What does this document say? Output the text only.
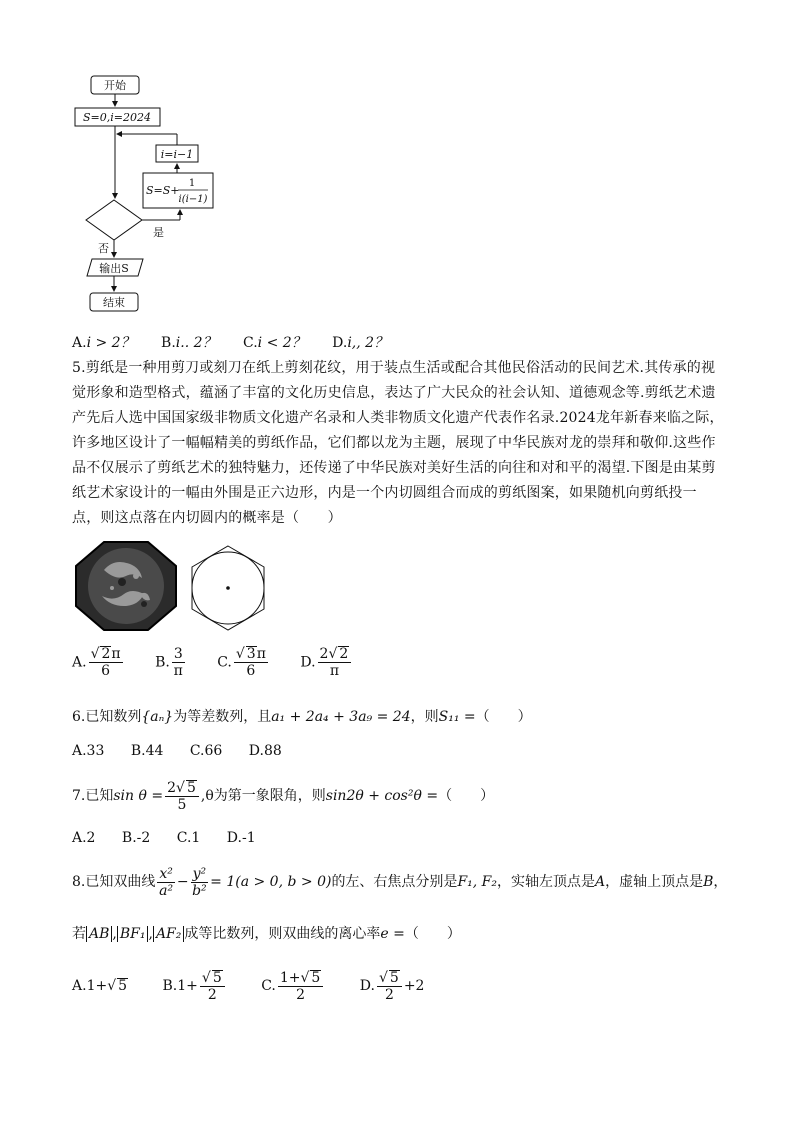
开始
S=0,i=2024
i=i−1
S=S+
1
i(i−1)
是
否
输出S
结束
A.i > 2？ B.i.. 2？ C.i < 2？ D.i,, 2？
5.剪纸是一种用剪刀或刻刀在纸上剪刻花纹，用于装点生活或配合其他民俗活动的民间艺术.其传承的视觉形象和造型格式，蕴涵了丰富的文化历史信息，表达了广大民众的社会认知、道德观念等.剪纸艺术遗产先后人选中国国家级非物质文化遗产名录和人类非物质文化遗产代表作名录.2024龙年新春来临之际，许多地区设计了一幅幅精美的剪纸作品，它们都以龙为主题，展现了中华民族对龙的崇拜和敬仰.这些作品不仅展示了剪纸艺术的独特魅力，还传递了中华民族对美好生活的向往和对和平的渴望.下图是由某剪纸艺术家设计的一幅由外围是正六边形，内是一个内切圆组合而成的剪纸图案，如果随机向剪纸投一点，则这点落在内切圆内的概率是（　　）
A. $\frac{√ 2\pi}{6} B$. $\frac{3}{\pi} C$. $\frac{√ 3\pi}{6} D$. $\frac{2√ 2}{\pi}$
6.已知数列{aₙ}为等差数列，且a₁ + 2a₄ + 3a₉ = 24，则S₁₁ =（　　）
A.33 B.44 C.66 D.88
7.已知$\sin \theta = \frac{2√ 5}{5} ,\theta$为第一象限角，则sin2θ + cos²θ =（　　）
A.2 B.-2 C.1 D.-1
8.已知双曲线 $\frac{\text{x²}}{\text{a²}} - \frac{\text{y²}}{\text{b²}} = 1(a > 0$, b > 0)的左、右焦点分别是F₁, F₂，实轴左顶点是A，虚轴上顶点是B，
若 AB , BF₁ , AF₂ 成等比数列，则双曲线的离心率e =（　　）
A.1+√ 5	$B.1+ \frac{√ 5}{2}$	C. $\frac{1+√ 5}{2}$	D. $\frac{√ 5}{2} +2$
